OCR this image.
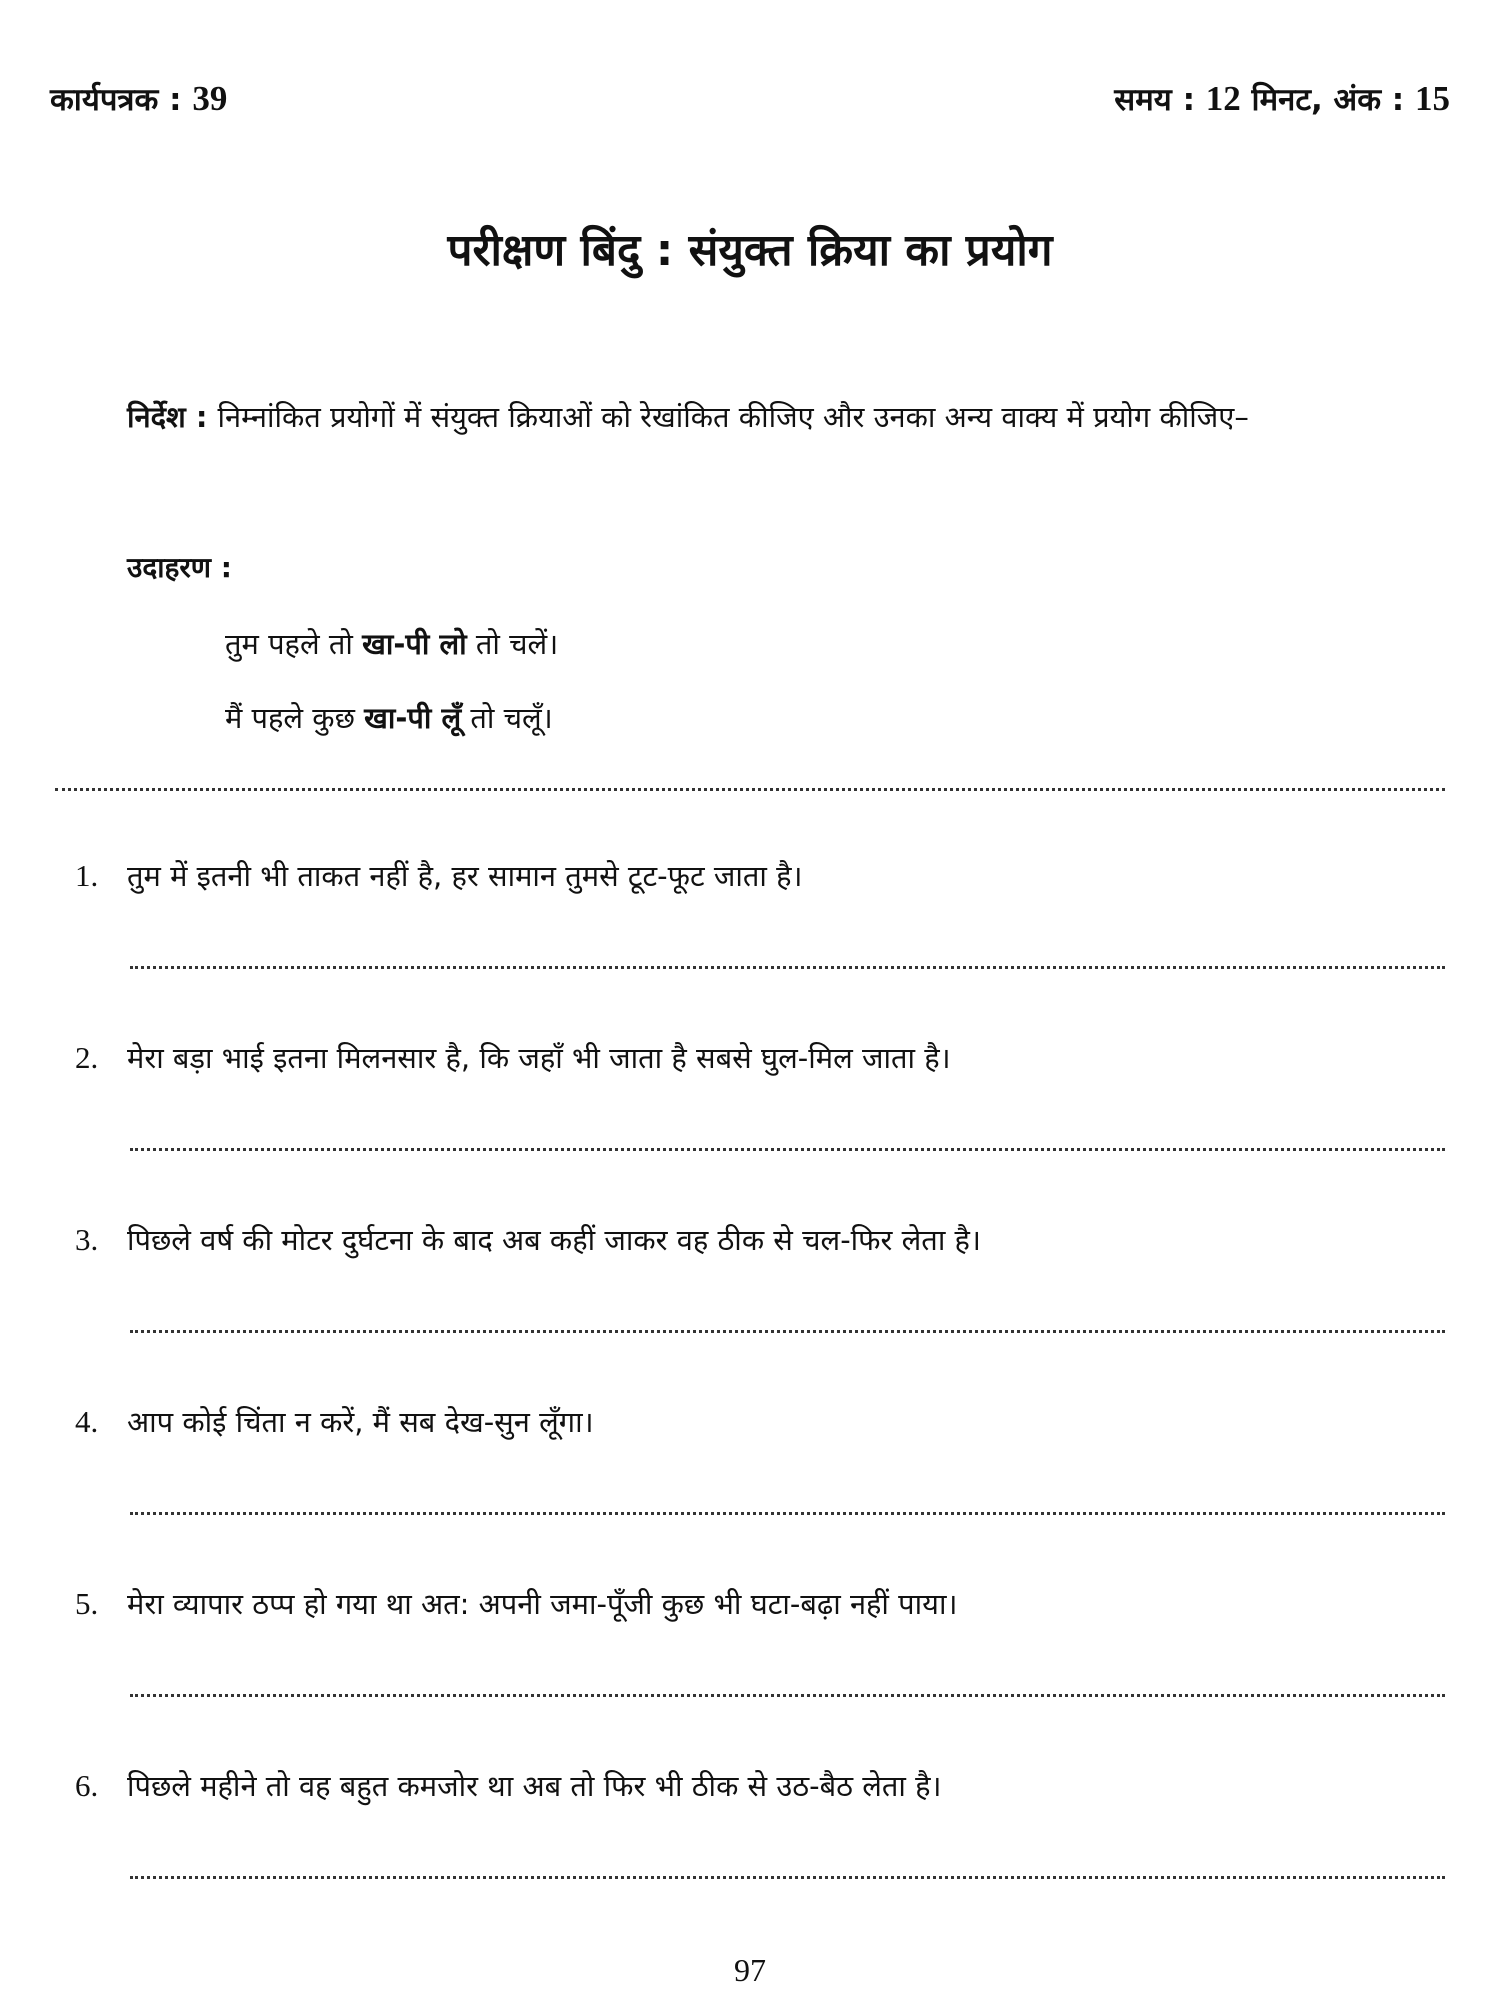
कार्यपत्रक : 39	समय : 12 मिनट, अंक : 15
परीक्षण बिंदु : संयुक्त क्रिया का प्रयोग
निर्देश : निम्नांकित प्रयोगों में संयुक्त क्रियाओं को रेखांकित कीजिए और उनका अन्य वाक्य में प्रयोग कीजिए–
उदाहरण :
तुम पहले तो खा-पी लो तो चलें।
मैं पहले कुछ खा-पी लूँ तो चलूँ।
1. तुम में इतनी भी ताकत नहीं है, हर सामान तुमसे टूट-फूट जाता है।
2. मेरा बड़ा भाई इतना मिलनसार है, कि जहाँ भी जाता है सबसे घुल-मिल जाता है।
3. पिछले वर्ष की मोटर दुर्घटना के बाद अब कहीं जाकर वह ठीक से चल-फिर लेता है।
4. आप कोई चिंता न करें, मैं सब देख-सुन लूँगा।
5. मेरा व्यापार ठप्प हो गया था अत: अपनी जमा-पूँजी कुछ भी घटा-बढ़ा नहीं पाया।
6. पिछले महीने तो वह बहुत कमजोर था अब तो फिर भी ठीक से उठ-बैठ लेता है।
97
